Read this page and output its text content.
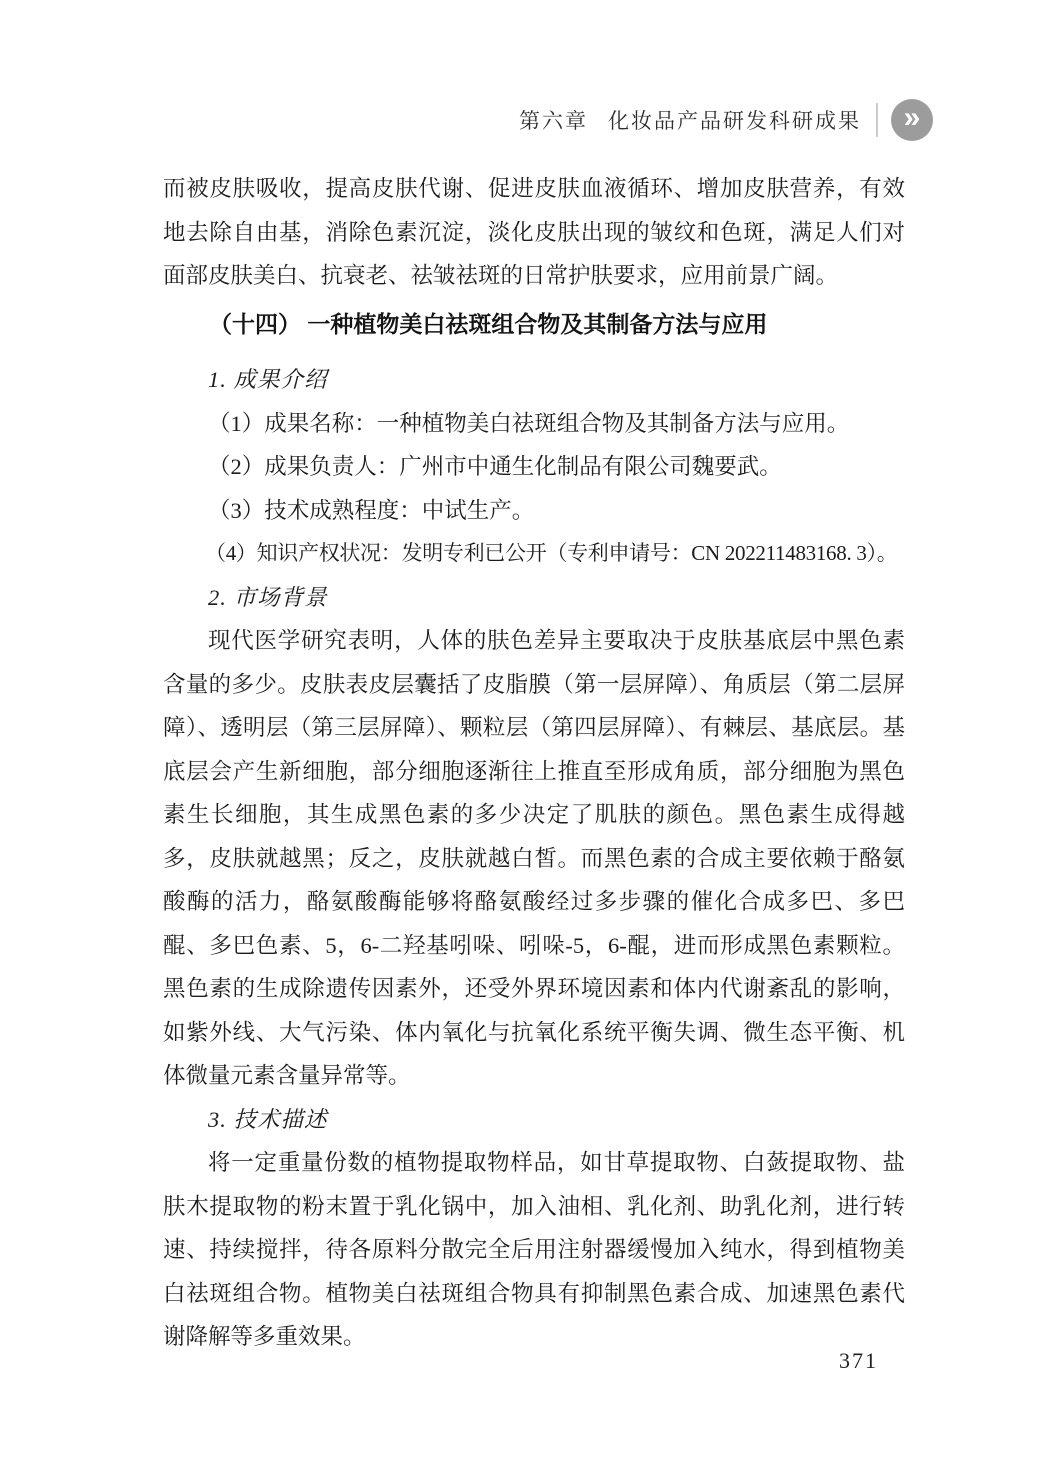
第六章 化妆品产品研发科研成果 »

而被皮肤吸收，提高皮肤代谢、促进皮肤血液循环、增加皮肤营养，有效地去除自由基，消除色素沉淀，淡化皮肤出现的皱纹和色斑，满足人们对面部皮肤美白、抗衰老、祛皱祛斑的日常护肤要求，应用前景广阔。

（十四） 一种植物美白祛斑组合物及其制备方法与应用
1. 成果介绍

（1）成果名称：一种植物美白祛斑组合物及其制备方法与应用。

（2）成果负责人：广州市中通生化制品有限公司魏要武。

（3）技术成熟程度：中试生产。

（4）知识产权状况：发明专利已公开（专利申请号：CN 202211483168. 3）。

2. 市场背景

现代医学研究表明，人体的肤色差异主要取决于皮肤基底层中黑色素含量的多少。皮肤表皮层囊括了皮脂膜（第一层屏障）、角质层（第二层屏障）、透明层（第三层屏障）、颗粒层（第四层屏障）、有棘层、基底层。基底层会产生新细胞，部分细胞逐渐往上推直至形成角质，部分细胞为黑色素生长细胞，其生成黑色素的多少决定了肌肤的颜色。黑色素生成得越多，皮肤就越黑；反之，皮肤就越白皙。而黑色素的合成主要依赖于酪氨酸酶的活力，酪氨酸酶能够将酪氨酸经过多步骤的催化合成多巴、多巴醌、多巴色素、5，6-二羟基吲哚、吲哚-5，6-醌，进而形成黑色素颗粒。黑色素的生成除遗传因素外，还受外界环境因素和体内代谢紊乱的影响，如紫外线、大气污染、体内氧化与抗氧化系统平衡失调、微生态平衡、机体微量元素含量异常等。

3. 技术描述

将一定重量份数的植物提取物样品，如甘草提取物、白蔹提取物、盐肤木提取物的粉末置于乳化锅中，加入油相、乳化剂、助乳化剂，进行转速、持续搅拌，待各原料分散完全后用注射器缓慢加入纯水，得到植物美白祛斑组合物。植物美白祛斑组合物具有抑制黑色素合成、加速黑色素代谢降解等多重效果。

371
